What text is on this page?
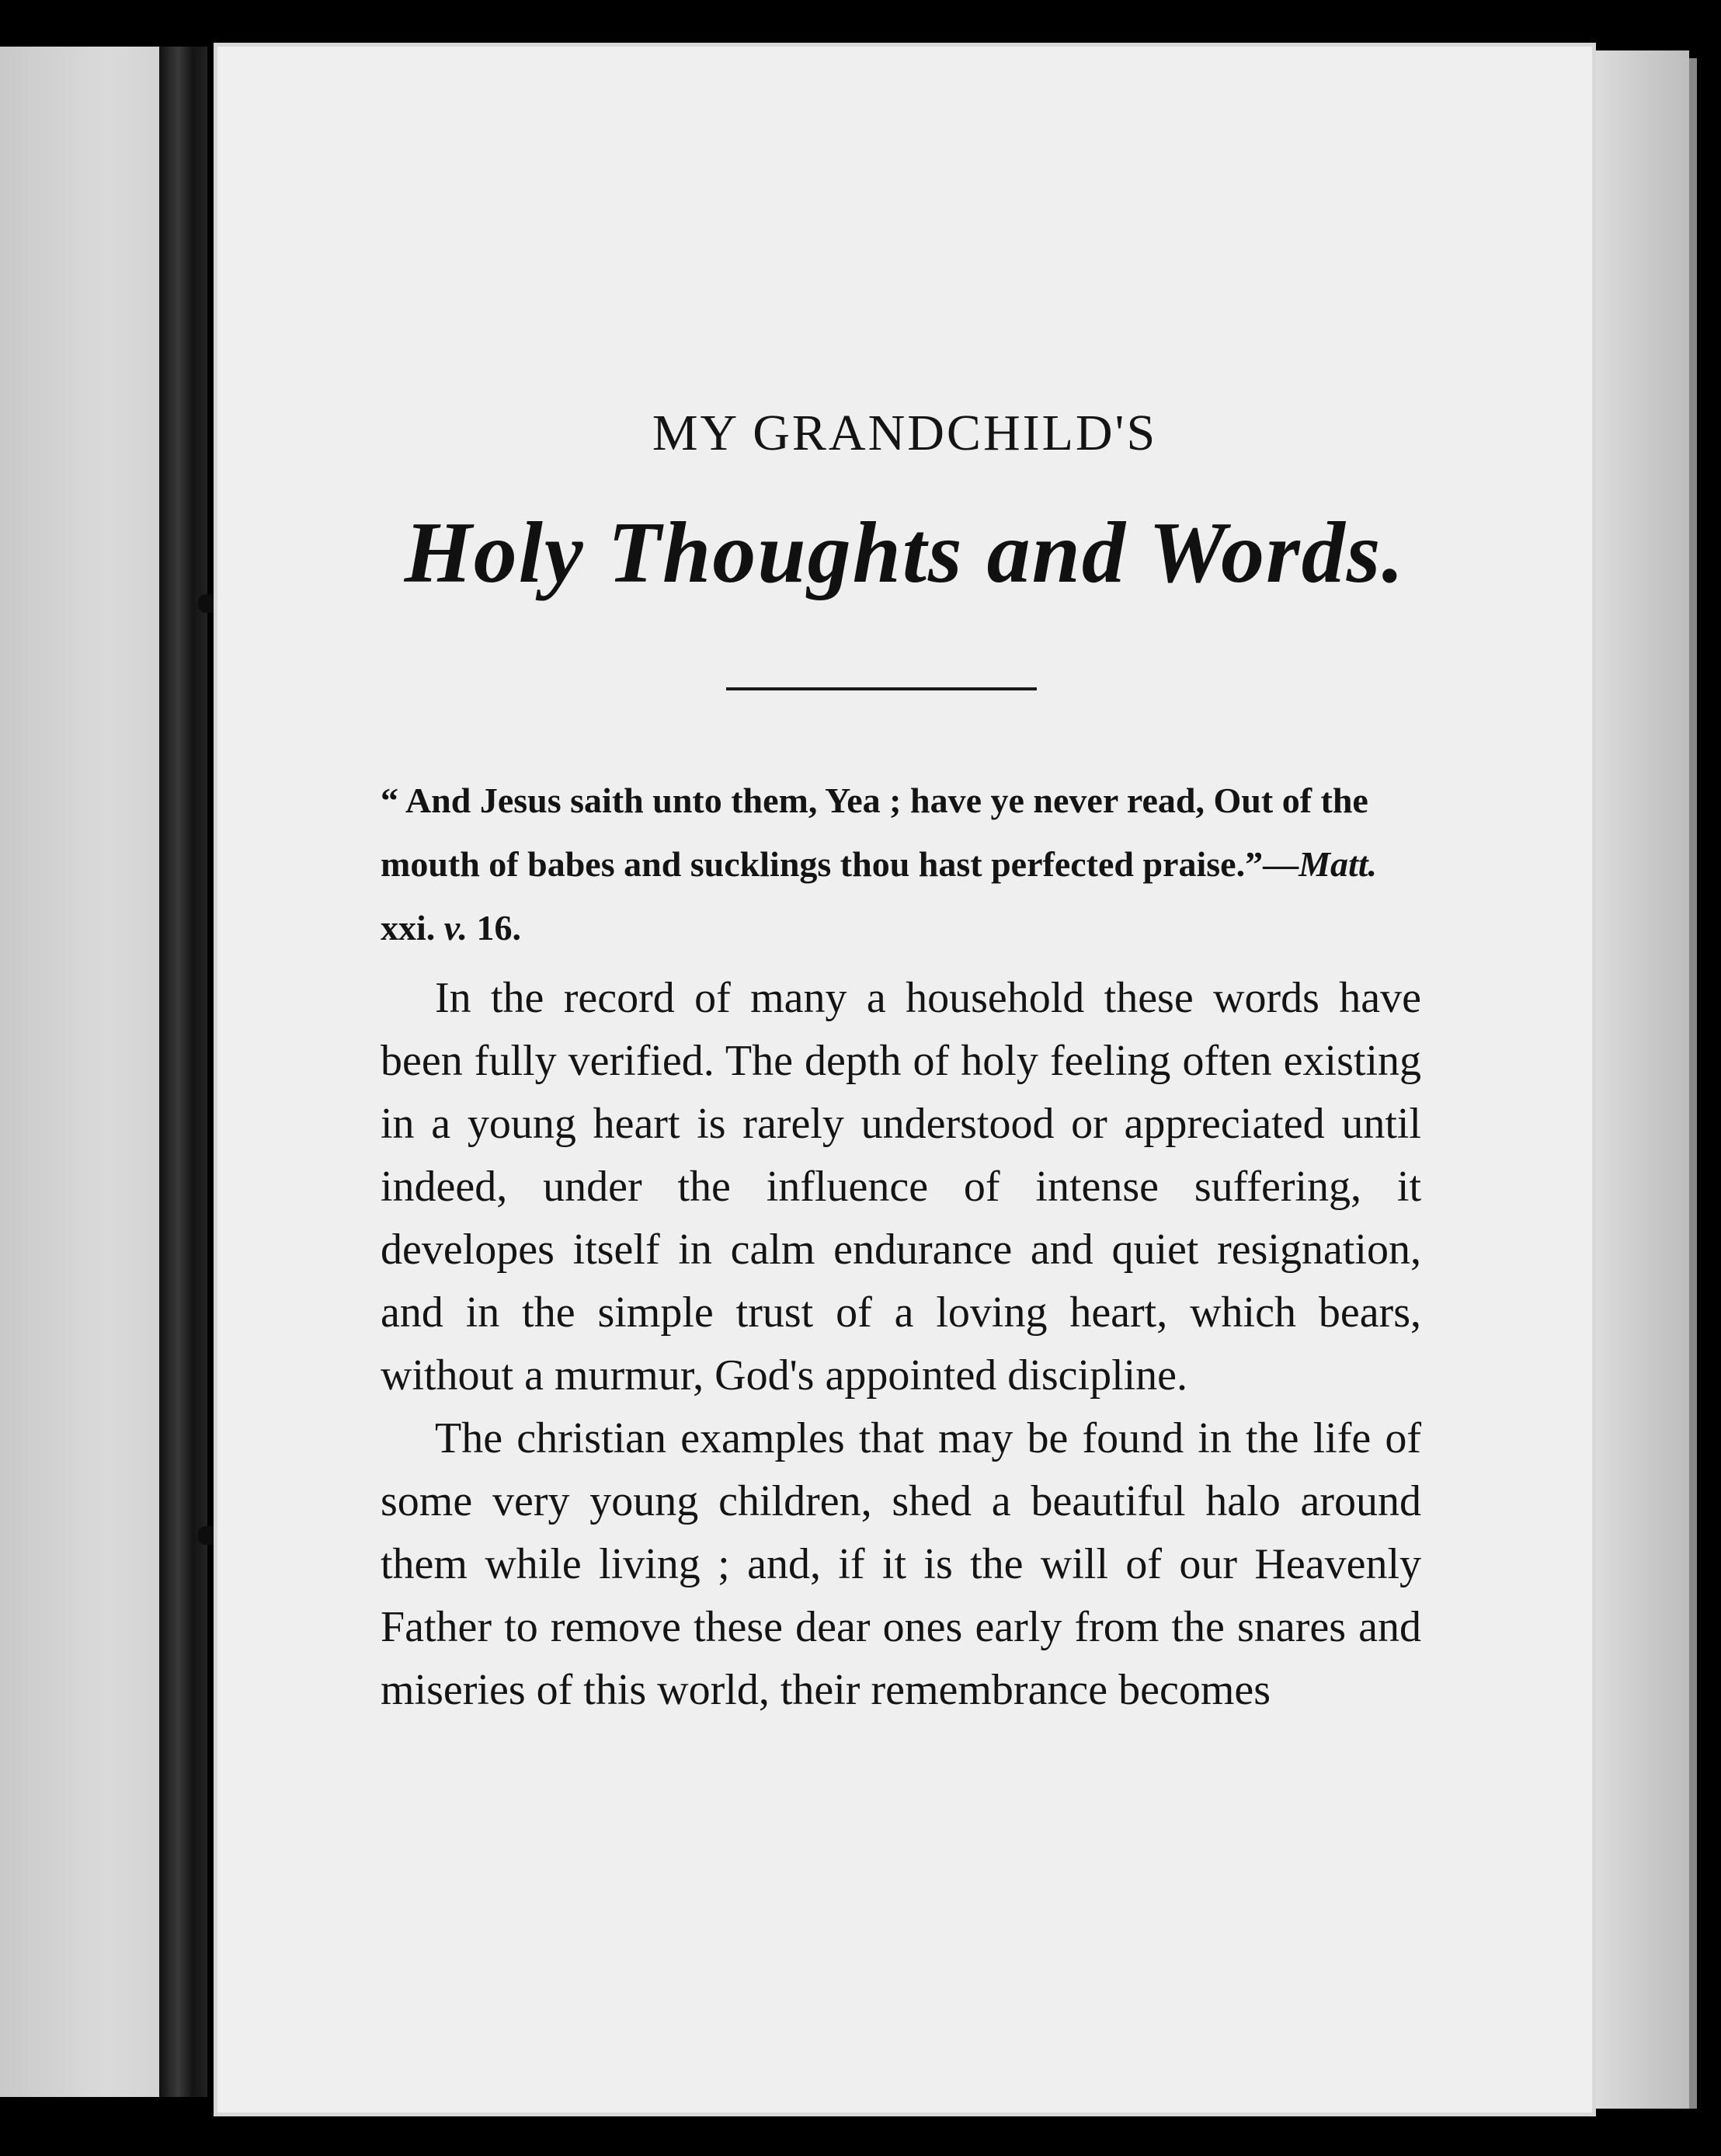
MY GRANDCHILD'S
Holy Thoughts and Words.
“ And Jesus saith unto them, Yea ; have ye never read, Out of the mouth of babes and sucklings thou hast perfected praise.”—Matt. xxi. v. 16.

In the record of many a household these words have been fully verified. The depth of holy feeling often existing in a young heart is rarely understood or appreciated until indeed, under the influence of intense suffering, it developes itself in calm endurance and quiet resignation, and in the simple trust of a loving heart, which bears, without a murmur, God's appointed discipline.

The christian examples that may be found in the life of some very young children, shed a beautiful halo around them while living ; and, if it is the will of our Heavenly Father to remove these dear ones early from the snares and miseries of this world, their remembrance becomes
